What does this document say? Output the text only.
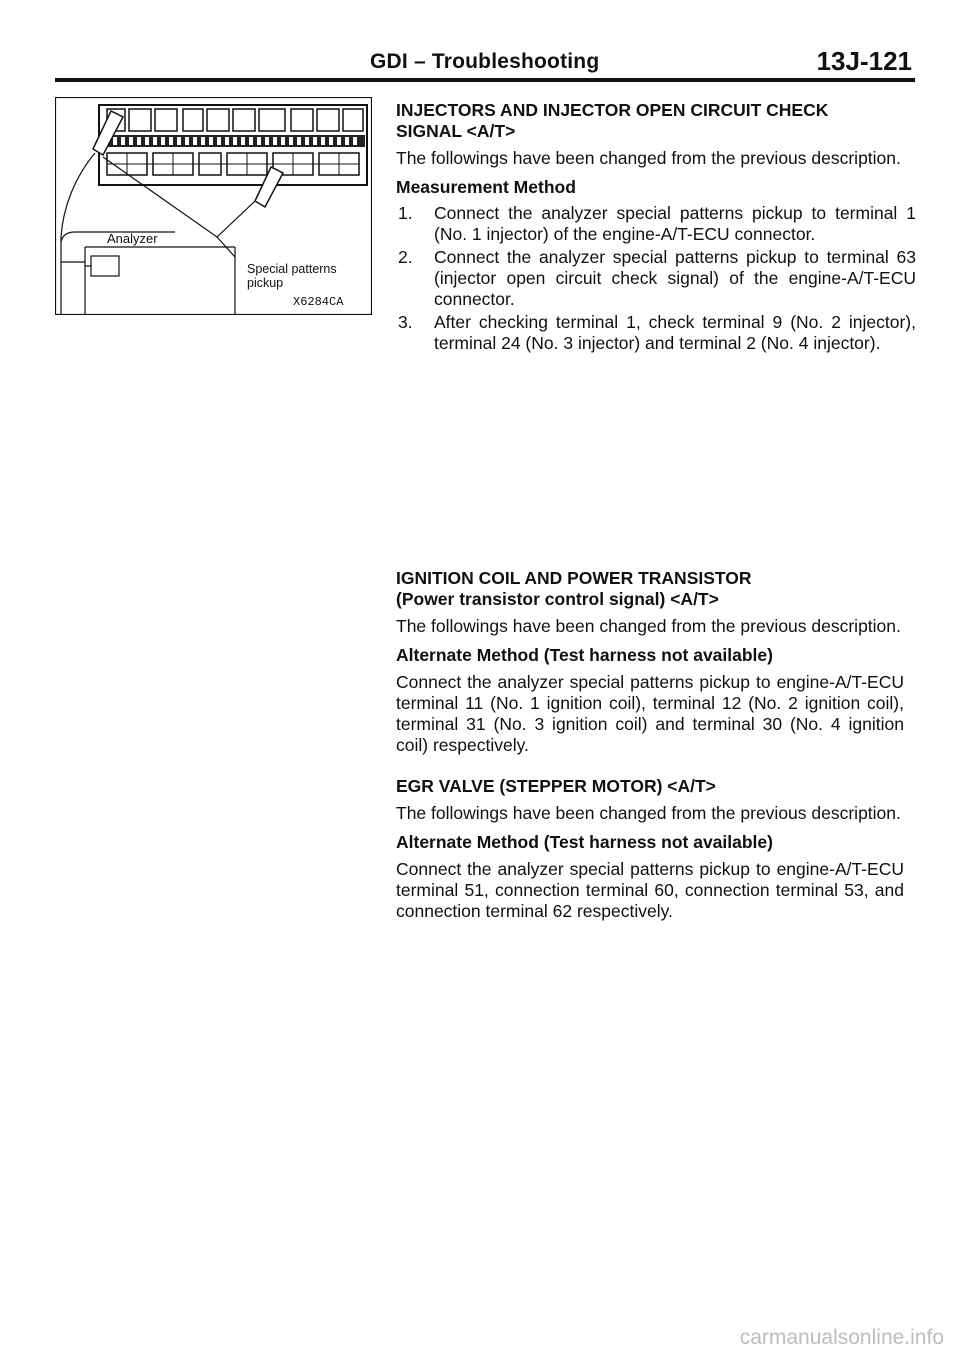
GDI – Troubleshooting	13J-121
Analyzer
Special patterns
pickup
X6284CA

INJECTORS AND INJECTOR OPEN CIRCUIT CHECK
SIGNAL <A/T>

The followings have been changed from the previous description.

Measurement Method

1.	Connect the analyzer special patterns pickup to terminal 1 (No. 1 injector) of the engine-A/T-ECU connector.
2.	Connect the analyzer special patterns pickup to terminal 63 (injector open circuit check signal) of the engine-A/T-ECU connector.
3.	After checking terminal 1, check terminal 9 (No. 2 injector), terminal 24 (No. 3 injector) and terminal 2 (No. 4 injector).

IGNITION COIL AND POWER TRANSISTOR
(Power transistor control signal) <A/T>

The followings have been changed from the previous description.

Alternate Method (Test harness not available)

Connect the analyzer special patterns pickup to engine-A/T-ECU terminal 11 (No. 1 ignition coil), terminal 12 (No. 2 ignition coil), terminal 31 (No. 3 ignition coil) and terminal 30 (No. 4 ignition coil) respectively.

EGR VALVE (STEPPER MOTOR) <A/T>

The followings have been changed from the previous description.

Alternate Method (Test harness not available)

Connect the analyzer special patterns pickup to engine-A/T-ECU terminal 51, connection terminal 60, connection terminal 53, and connection terminal 62 respectively.

carmanualsonline.info
